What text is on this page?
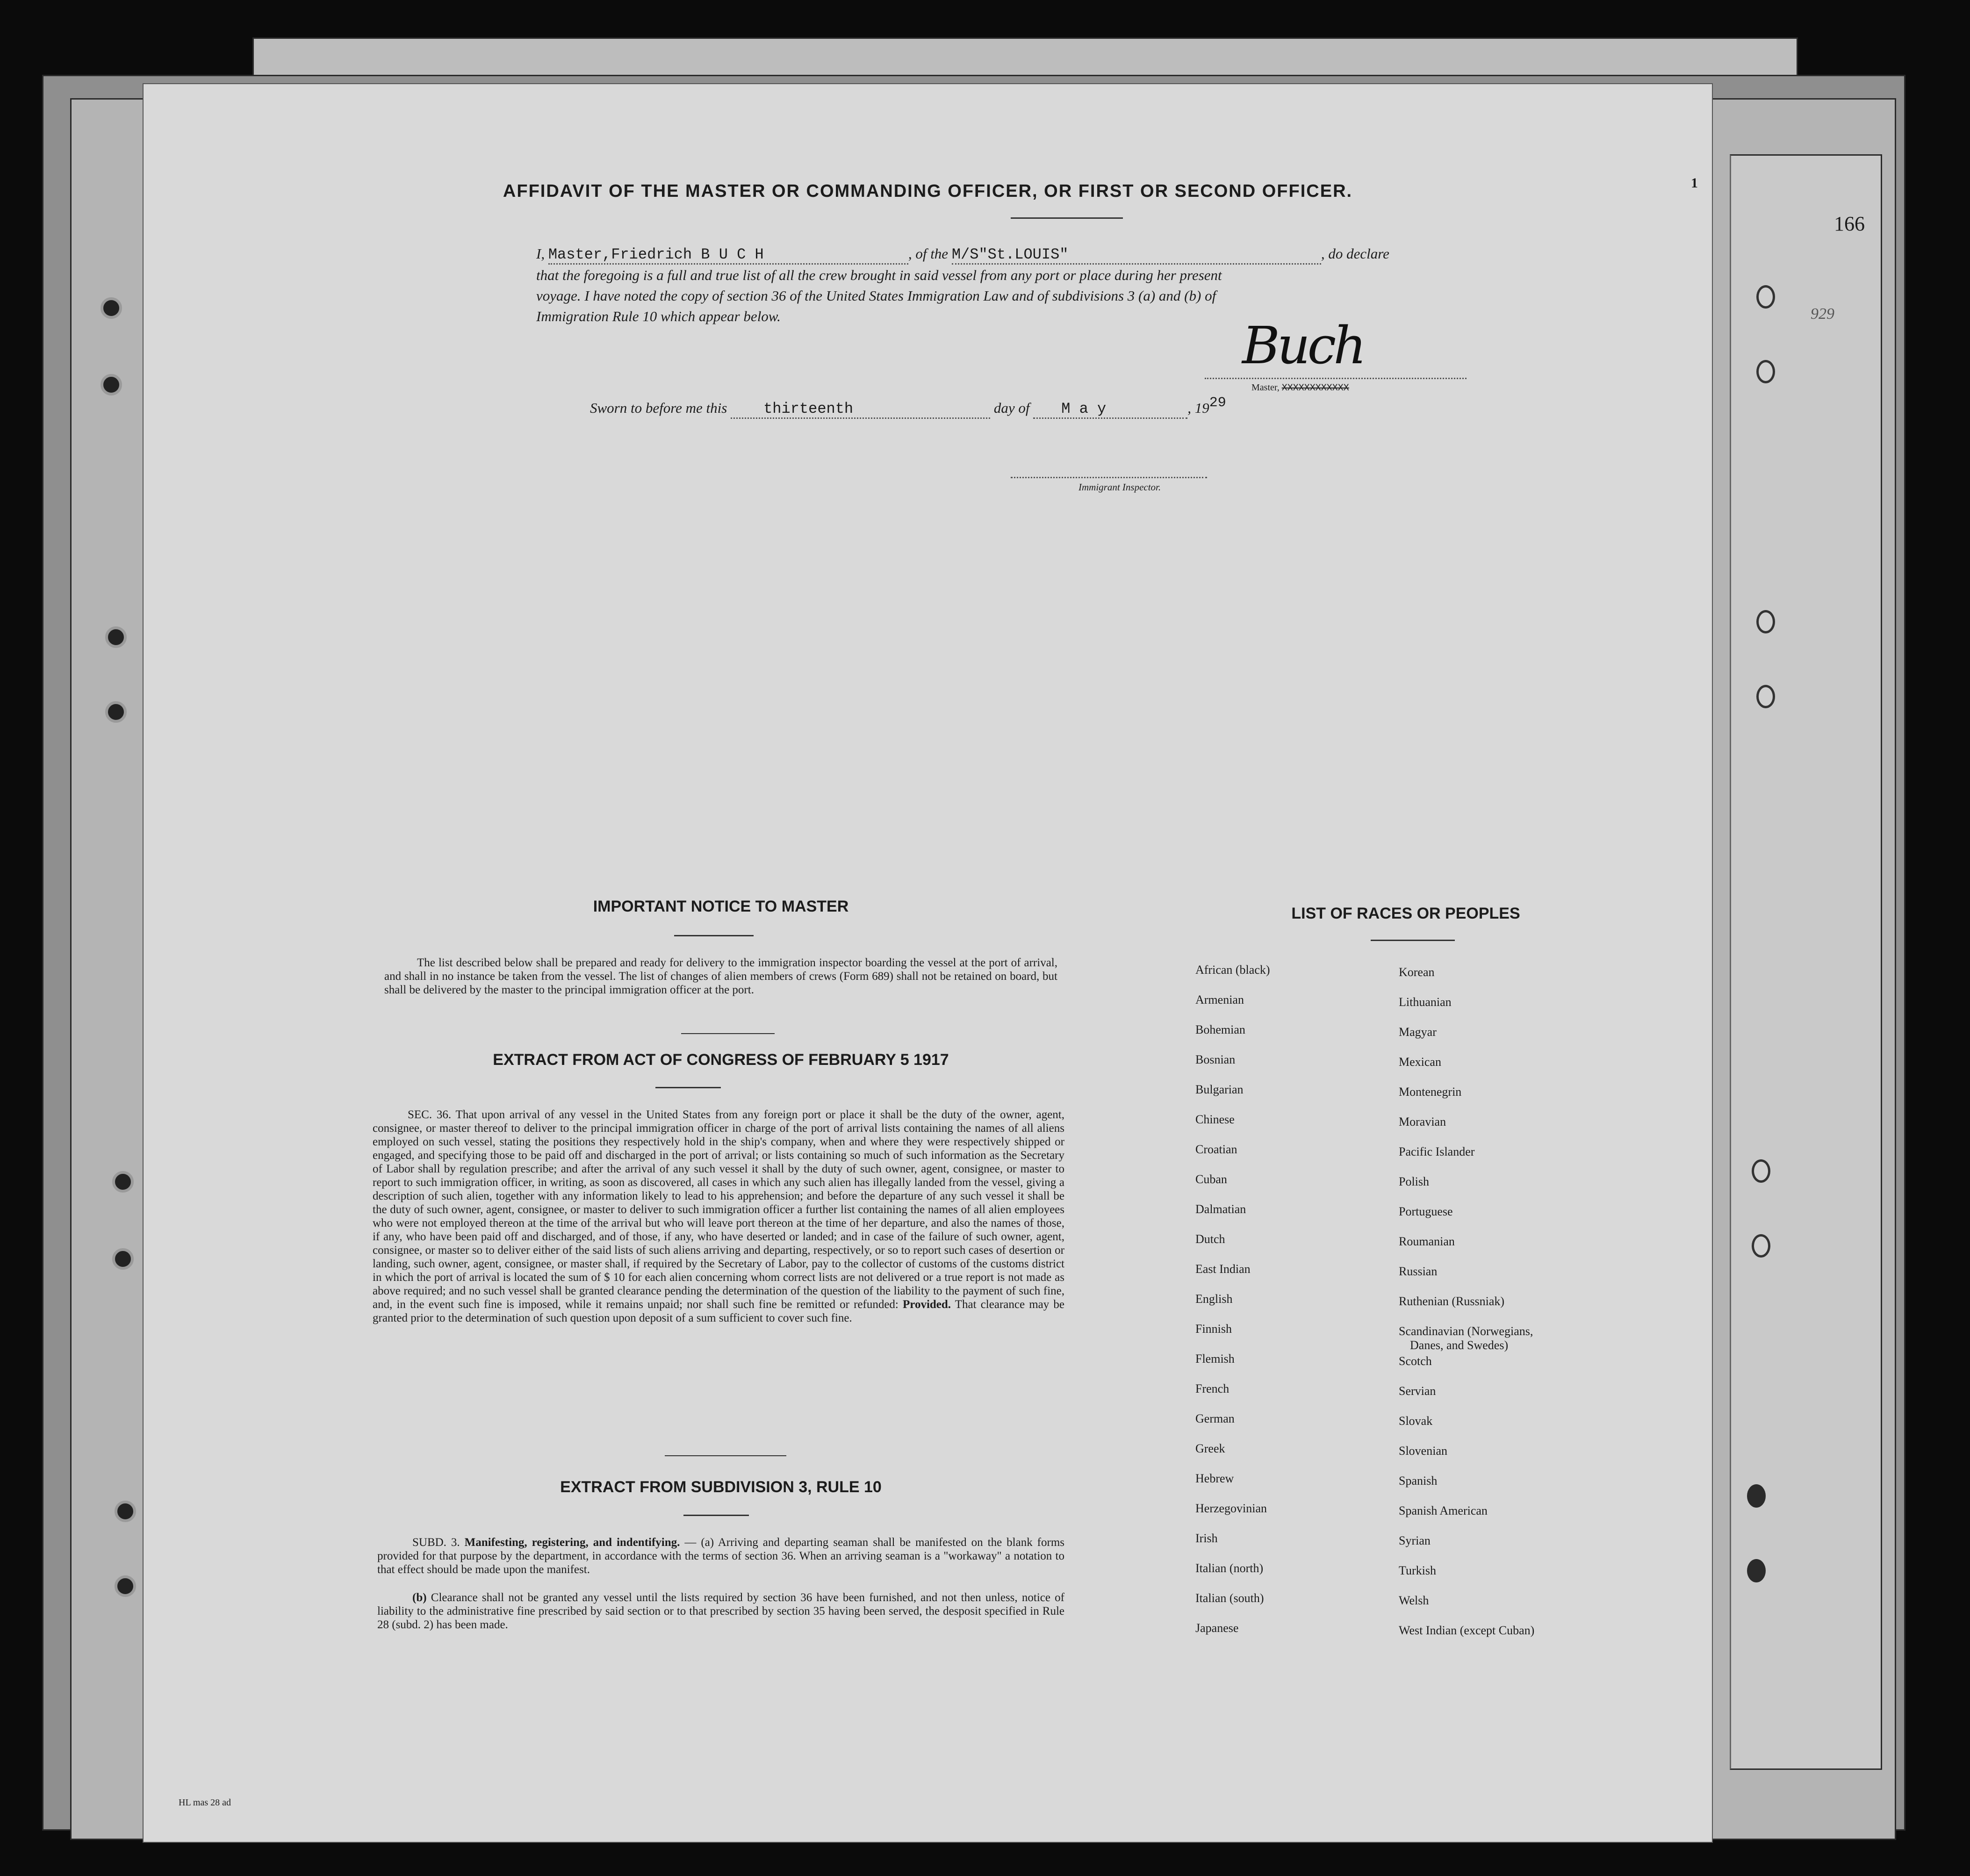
166
929
1
AFFIDAVIT OF THE MASTER OR COMMANDING OFFICER, OR FIRST OR SECOND OFFICER.
I, Master,Friedrich B U C H	, of the M/S"St.LOUIS"	, do declare
that the foregoing is a full and true list of all the crew brought in said vessel from any port or place during her present
voyage. I have noted the copy of section 36 of the United States Immigration Law and of subdivisions 3 (a) and (b) of
Immigration Rule 10 which appear below.	Buch
Master, XXXXXXXXXXXX
Sworn to before me this thirteenth	day of M a y	, 1929
Immigrant Inspector.
IMPORTANT NOTICE TO MASTER
The list described below shall be prepared and ready for delivery to the immigration inspector boarding the vessel at the port of arrival, and shall in no instance be taken from the vessel. The list of changes of alien members of crews (Form 689) shall not be retained on board, but shall be delivered by the master to the principal immigration officer at the port.
EXTRACT FROM ACT OF CONGRESS OF FEBRUARY 5 1917
SEC. 36. That upon arrival of any vessel in the United States from any foreign port or place it shall be the duty of the owner, agent, consignee, or master thereof to deliver to the principal immigration officer in charge of the port of arrival lists containing the names of all aliens employed on such vessel, stating the positions they respectively hold in the ship's company, when and where they were respectively shipped or engaged, and specifying those to be paid off and discharged in the port of arrival; or lists containing so much of such information as the Secretary of Labor shall by regulation prescribe; and after the arrival of any such vessel it shall by the duty of such owner, agent, consignee, or master to report to such immigration officer, in writing, as soon as discovered, all cases in which any such alien has illegally landed from the vessel, giving a description of such alien, together with any information likely to lead to his apprehension; and before the departure of any such vessel it shall be the duty of such owner, agent, consignee, or master to deliver to such immigration officer a further list containing the names of all alien employees who were not employed thereon at the time of the arrival but who will leave port thereon at the time of her departure, and also the names of those, if any, who have been paid off and discharged, and of those, if any, who have deserted or landed; and in case of the failure of such owner, agent, consignee, or master so to deliver either of the said lists of such aliens arriving and departing, respectively, or so to report such cases of desertion or landing, such owner, agent, consignee, or master shall, if required by the Secretary of Labor, pay to the collector of customs of the customs district in which the port of arrival is located the sum of $ 10 for each alien concerning whom correct lists are not delivered or a true report is not made as above required; and no such vessel shall be granted clearance pending the determination of the question of the liability to the payment of such fine, and, in the event such fine is imposed, while it remains unpaid; nor shall such fine be remitted or refunded: Provided. That clearance may be granted prior to the determination of such question upon deposit of a sum sufficient to cover such fine.
EXTRACT FROM SUBDIVISION 3, RULE 10
SUBD. 3. Manifesting, registering, and indentifying. — (a) Arriving and departing seaman shall be manifested on the blank forms provided for that purpose by the department, in accordance with the terms of section 36. When an arriving seaman is a "workaway" a notation to that effect should be made upon the manifest.
(b) Clearance shall not be granted any vessel until the lists required by section 36 have been furnished, and not then unless, notice of liability to the administrative fine prescribed by said section or to that prescribed by section 35 having been served, the desposit specified in Rule 28 (subd. 2) has been made.
LIST OF RACES OR PEOPLES
African (black)
Armenian
Bohemian
Bosnian
Bulgarian
Chinese
Croatian
Cuban
Dalmatian
Dutch
East Indian
English
Finnish
Flemish
French
German
Greek
Hebrew
Herzegovinian
Irish
Italian (north)
Italian (south)
Japanese
Korean
Lithuanian
Magyar
Mexican
Montenegrin
Moravian
Pacific Islander
Polish
Portuguese
Roumanian
Russian
Ruthenian (Russniak)
Scandinavian (Norwegians,
Danes, and Swedes)
Scotch
Servian
Slovak
Slovenian
Spanish
Spanish American
Syrian
Turkish
Welsh
West Indian (except Cuban)
HL mas 28 ad
